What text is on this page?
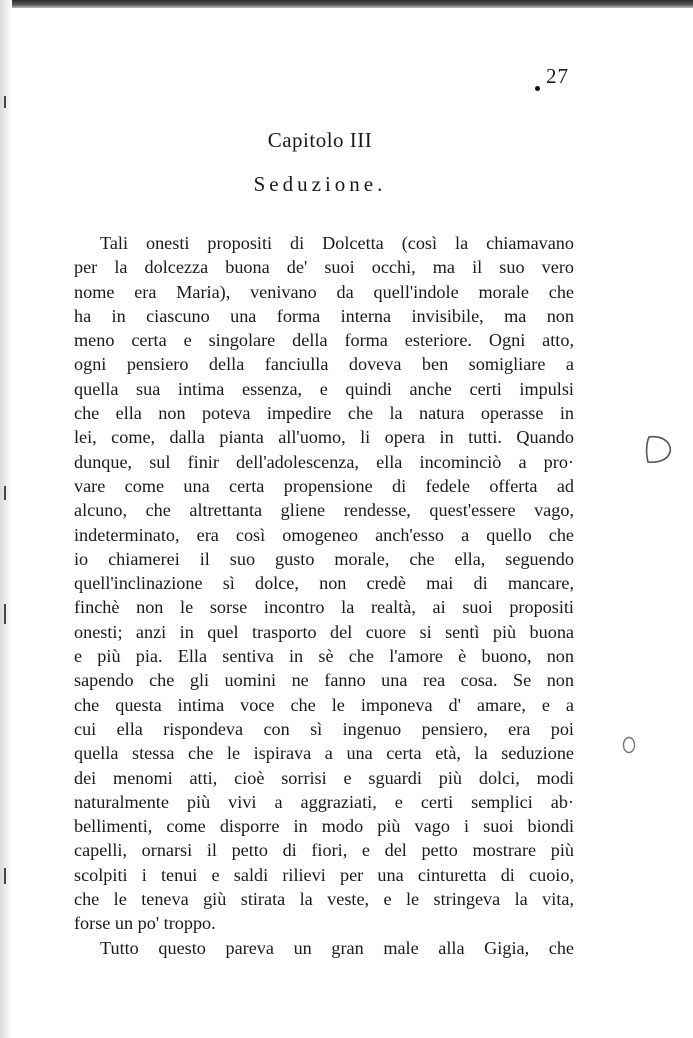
27
Capitolo III
Seduzione.
Tali onesti propositi di Dolcetta (così la chiamavano
per la dolcezza buona de' suoi occhi, ma il suo vero
nome era Maria), venivano da quell'indole morale che
ha in ciascuno una forma interna invisibile, ma non
meno certa e singolare della forma esteriore. Ogni atto,
ogni pensiero della fanciulla doveva ben somigliare a
quella sua intima essenza, e quindi anche certi impulsi
che ella non poteva impedire che la natura operasse in
lei, come, dalla pianta all'uomo, li opera in tutti. Quando
dunque, sul finir dell'adolescenza, ella incominciò a pro·
vare come una certa propensione di fedele offerta ad
alcuno, che altrettanta gliene rendesse, quest'essere vago,
indeterminato, era così omogeneo anch'esso a quello che
io chiamerei il suo gusto morale, che ella, seguendo
quell'inclinazione sì dolce, non credè mai di mancare,
finchè non le sorse incontro la realtà, ai suoi propositi
onesti; anzi in quel trasporto del cuore si sentì più buona
e più pia. Ella sentiva in sè che l'amore è buono, non
sapendo che gli uomini ne fanno una rea cosa. Se non
che questa intima voce che le imponeva d' amare, e a
cui ella rispondeva con sì ingenuo pensiero, era poi
quella stessa che le ispirava a una certa età, la seduzione
dei menomi atti, cioè sorrisi e sguardi più dolci, modi
naturalmente più vivi a aggraziati, e certi semplici ab·
bellimenti, come disporre in modo più vago i suoi biondi
capelli, ornarsi il petto di fiori, e del petto mostrare più
scolpiti i tenui e saldi rilievi per una cinturetta di cuoio,
che le teneva giù stirata la veste, e le stringeva la vita,
forse un po' troppo.
Tutto questo pareva un gran male alla Gigia, che
